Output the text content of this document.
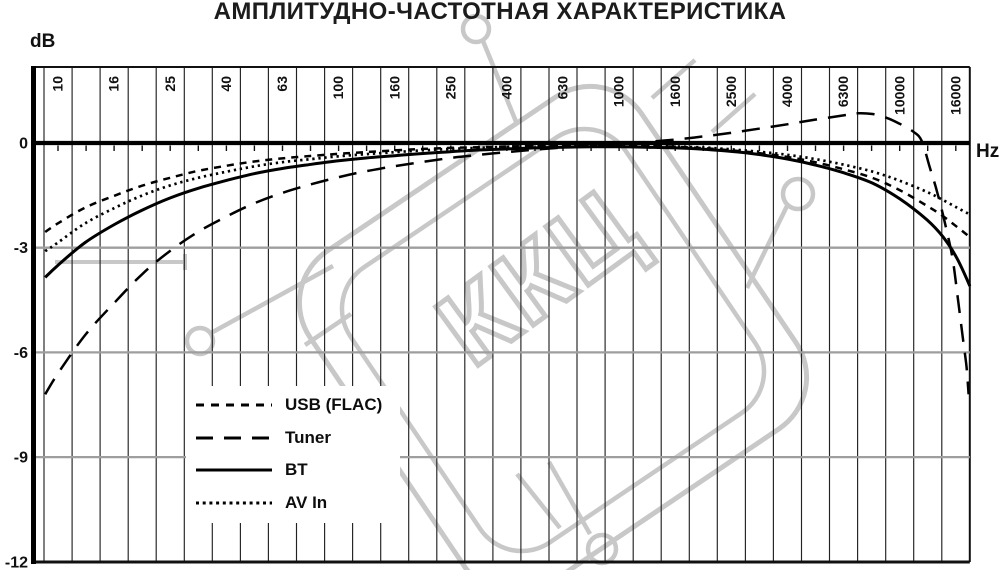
ККЦ
10	16	25	40	63	100	160	250	400	630	1000	1600	2500	4000	6300	10000	16000
0
-3
-6
-9
-12
АМПЛИТУДНО-ЧАСТОТНАЯ ХАРАКТЕРИСТИКА
dB
Hz
USB (FLAC)
Tuner
BT
AV In
